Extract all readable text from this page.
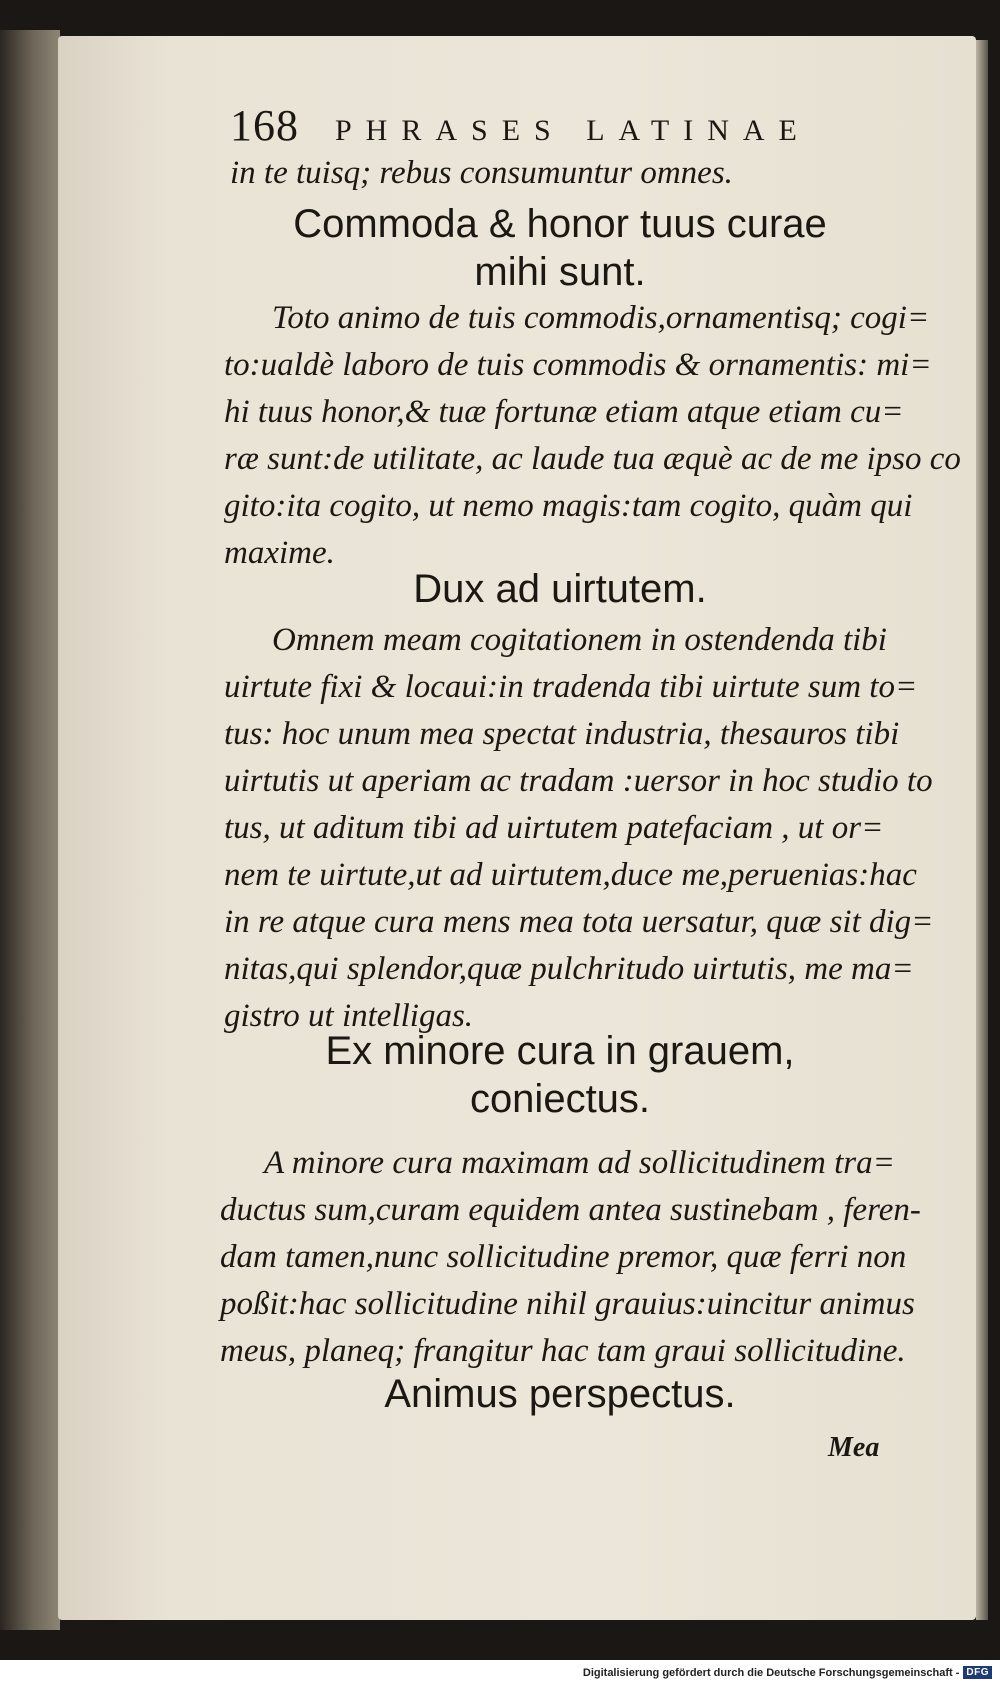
168 PHRASES LATINAE
in te tuisq; rebus consumuntur omnes.
Commoda & honor tuus curae
mihi sunt.
Toto animo de tuis commodis,ornamentisq; cogi=
to:ualdè laboro de tuis commodis & ornamentis: mi=
hi tuus honor,& tuæ fortunæ etiam atque etiam cu=
ræ sunt:de utilitate, ac laude tua æquè ac de me ipso co
gito:ita cogito, ut nemo magis:tam cogito, quàm qui
maxime.
Dux ad uirtutem.
Omnem meam cogitationem in ostendenda tibi
uirtute fixi & locaui:in tradenda tibi uirtute sum to=
tus: hoc unum mea spectat industria, thesauros tibi
uirtutis ut aperiam ac tradam :uersor in hoc studio to
tus, ut aditum tibi ad uirtutem patefaciam , ut or=
nem te uirtute,ut ad uirtutem,duce me,peruenias:hac
in re atque cura mens mea tota uersatur, quæ sit dig=
nitas,qui splendor,quæ pulchritudo uirtutis, me ma=
gistro ut intelligas.
Ex minore cura in grauem,
coniectus.
A minore cura maximam ad sollicitudinem tra=
ductus sum,curam equidem antea sustinebam , feren-
dam tamen,nunc sollicitudine premor, quæ ferri non
poßit:hac sollicitudine nihil grauius:uincitur animus
meus, planeq; frangitur hac tam graui sollicitudine.
Animus perspectus.
Mea
Digitalisierung gefördert durch die Deutsche Forschungsgemeinschaft - DFG
